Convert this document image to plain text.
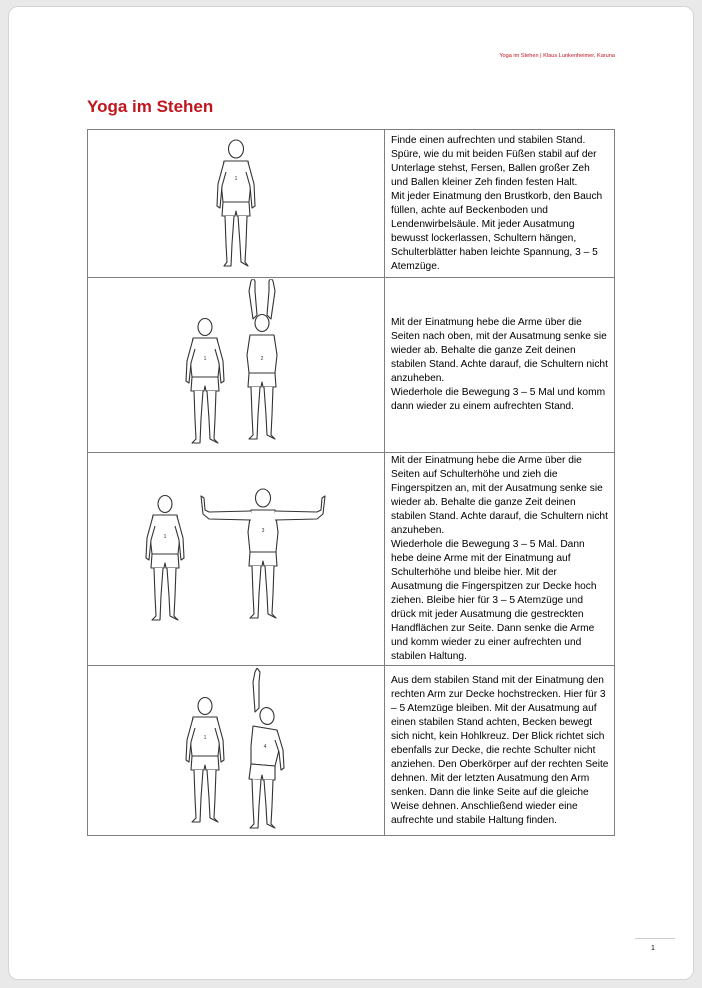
Yoga im Stehen | Klaus Lunkenheimer, Karuna
Yoga im Stehen
1	Finde einen aufrechten und stabilen Stand. Spüre, wie du mit beiden Füßen stabil auf der Unterlage stehst, Fersen, Ballen großer Zeh und Ballen kleiner Zeh finden festen Halt.
Mit jeder Einatmung den Brustkorb, den Bauch füllen, achte auf Beckenboden und Lendenwirbelsäule. Mit jeder Ausatmung bewusst lockerlassen, Schultern hängen, Schulterblätter haben leichte Spannung, 3 – 5 Atemzüge.

1 2	Mit der Einatmung hebe die Arme über die Seiten nach oben, mit der Ausatmung senke sie wieder ab. Behalte die ganze Zeit deinen stabilen Stand. Achte darauf, die Schultern nicht anzuheben.
Wiederhole die Bewegung 3 – 5 Mal und komm dann wieder zu einem aufrechten Stand.

1
3	Mit der Einatmung hebe die Arme über die Seiten auf Schulterhöhe und zieh die Fingerspitzen an, mit der Ausatmung senke sie wieder ab. Behalte die ganze Zeit deinen stabilen Stand. Achte darauf, die Schultern nicht anzuheben.
Wiederhole die Bewegung 3 – 5 Mal. Dann hebe deine Arme mit der Einatmung auf Schulterhöhe und bleibe hier. Mit der Ausatmung die Fingerspitzen zur Decke hoch ziehen. Bleibe hier für 3 – 5 Atemzüge und drück mit jeder Ausatmung die gestreckten Handflächen zur Seite. Dann senke die Arme und komm wieder zu einer aufrechten und stabilen Haltung.

1
4	Aus dem stabilen Stand mit der Einatmung den rechten Arm zur Decke hochstrecken. Hier für 3 – 5 Atemzüge bleiben. Mit der Ausatmung auf einen stabilen Stand achten, Becken bewegt sich nicht, kein Hohlkreuz. Der Blick richtet sich ebenfalls zur Decke, die rechte Schulter nicht anziehen. Den Oberkörper auf der rechten Seite dehnen. Mit der letzten Ausatmung den Arm senken. Dann die linke Seite auf die gleiche Weise dehnen. Anschließend wieder eine aufrechte und stabile Haltung finden.
1
